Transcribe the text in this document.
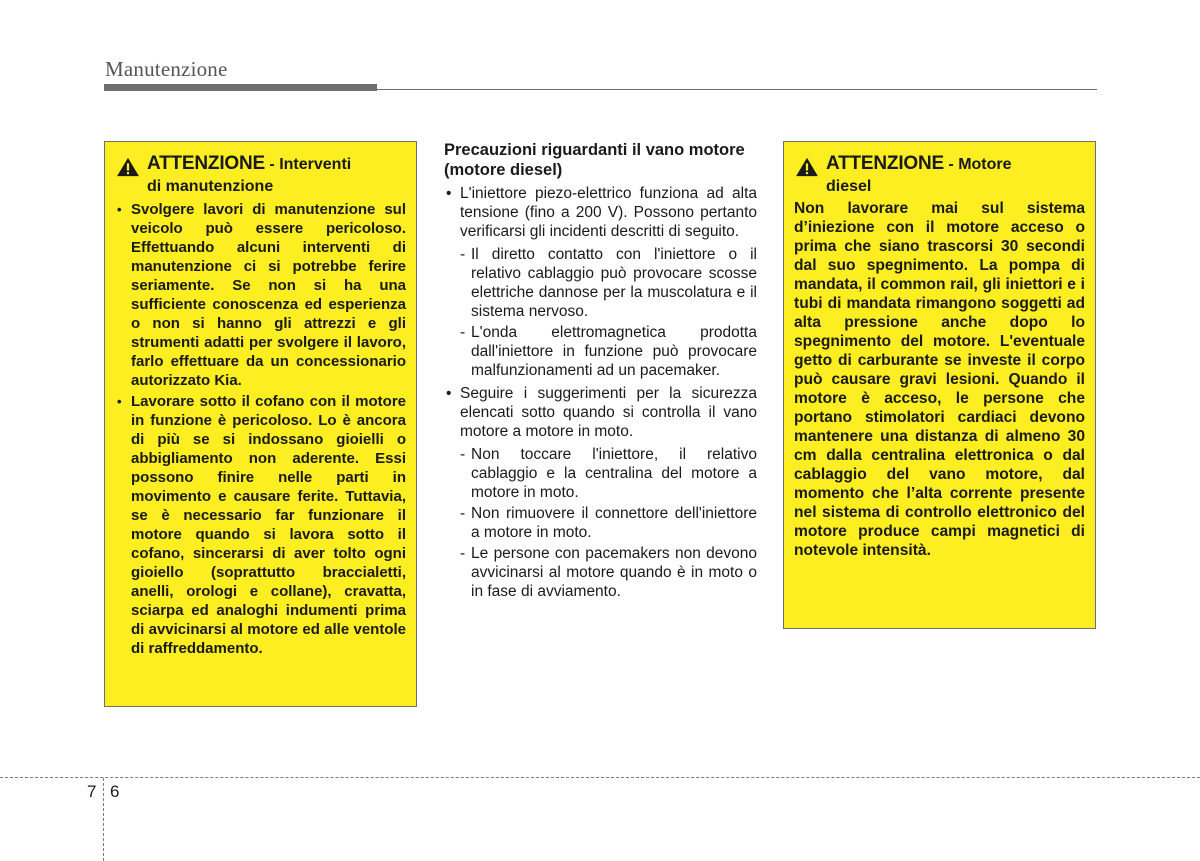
Manutenzione
ATTENZIONE - Interventi
di manutenzione
• Svolgere lavori di manutenzione sul veicolo può essere pericoloso. Effettuando alcuni interventi di manutenzione ci si potrebbe ferire seriamente. Se non si ha una sufficiente conoscenza ed esperienza o non si hanno gli attrezzi e gli strumenti adatti per svolgere il lavoro, farlo effettuare da un concessionario autorizzato Kia.
• Lavorare sotto il cofano con il motore in funzione è pericoloso. Lo è ancora di più se si indossano gioielli o abbigliamento non aderente. Essi possono finire nelle parti in movimento e causare ferite. Tuttavia, se è necessario far funzionare il motore quando si lavora sotto il cofano, sincerarsi di aver tolto ogni gioiello (soprattutto braccialetti, anelli, orologi e collane), cravatta, sciarpa ed analoghi indumenti prima di avvicinarsi al motore ed alle ventole di raffreddamento.
Precauzioni riguardanti il vano motore (motore diesel)
• L'iniettore piezo-elettrico funziona ad alta tensione (fino a 200 V). Possono pertanto verificarsi gli incidenti descritti di seguito.
- Il diretto contatto con l'iniettore o il relativo cablaggio può provocare scosse elettriche dannose per la muscolatura e il sistema nervoso.
- L'onda elettromagnetica prodotta dall'iniettore in funzione può provocare malfunzionamenti ad un pacemaker.
• Seguire i suggerimenti per la sicurezza elencati sotto quando si controlla il vano motore a motore in moto.
- Non toccare l'iniettore, il relativo cablaggio e la centralina del motore a motore in moto.
- Non rimuovere il connettore dell'iniettore a motore in moto.
- Le persone con pacemakers non devono avvicinarsi al motore quando è in moto o in fase di avviamento.
ATTENZIONE - Motore
diesel
Non lavorare mai sul sistema d’iniezione con il motore acceso o prima che siano trascorsi 30 secondi dal suo spegnimento. La pompa di mandata, il common rail, gli iniettori e i tubi di mandata rimangono soggetti ad alta pressione anche dopo lo spegnimento del motore. L'eventuale getto di carburante se investe il corpo può causare gravi lesioni. Quando il motore è acceso, le persone che portano stimolatori cardiaci devono mantenere una distanza di almeno 30 cm dalla centralina elettronica o dal cablaggio del vano motore, dal momento che l’alta corrente presente nel sistema di controllo elettronico del motore produce campi magnetici di notevole intensità.
7 6
